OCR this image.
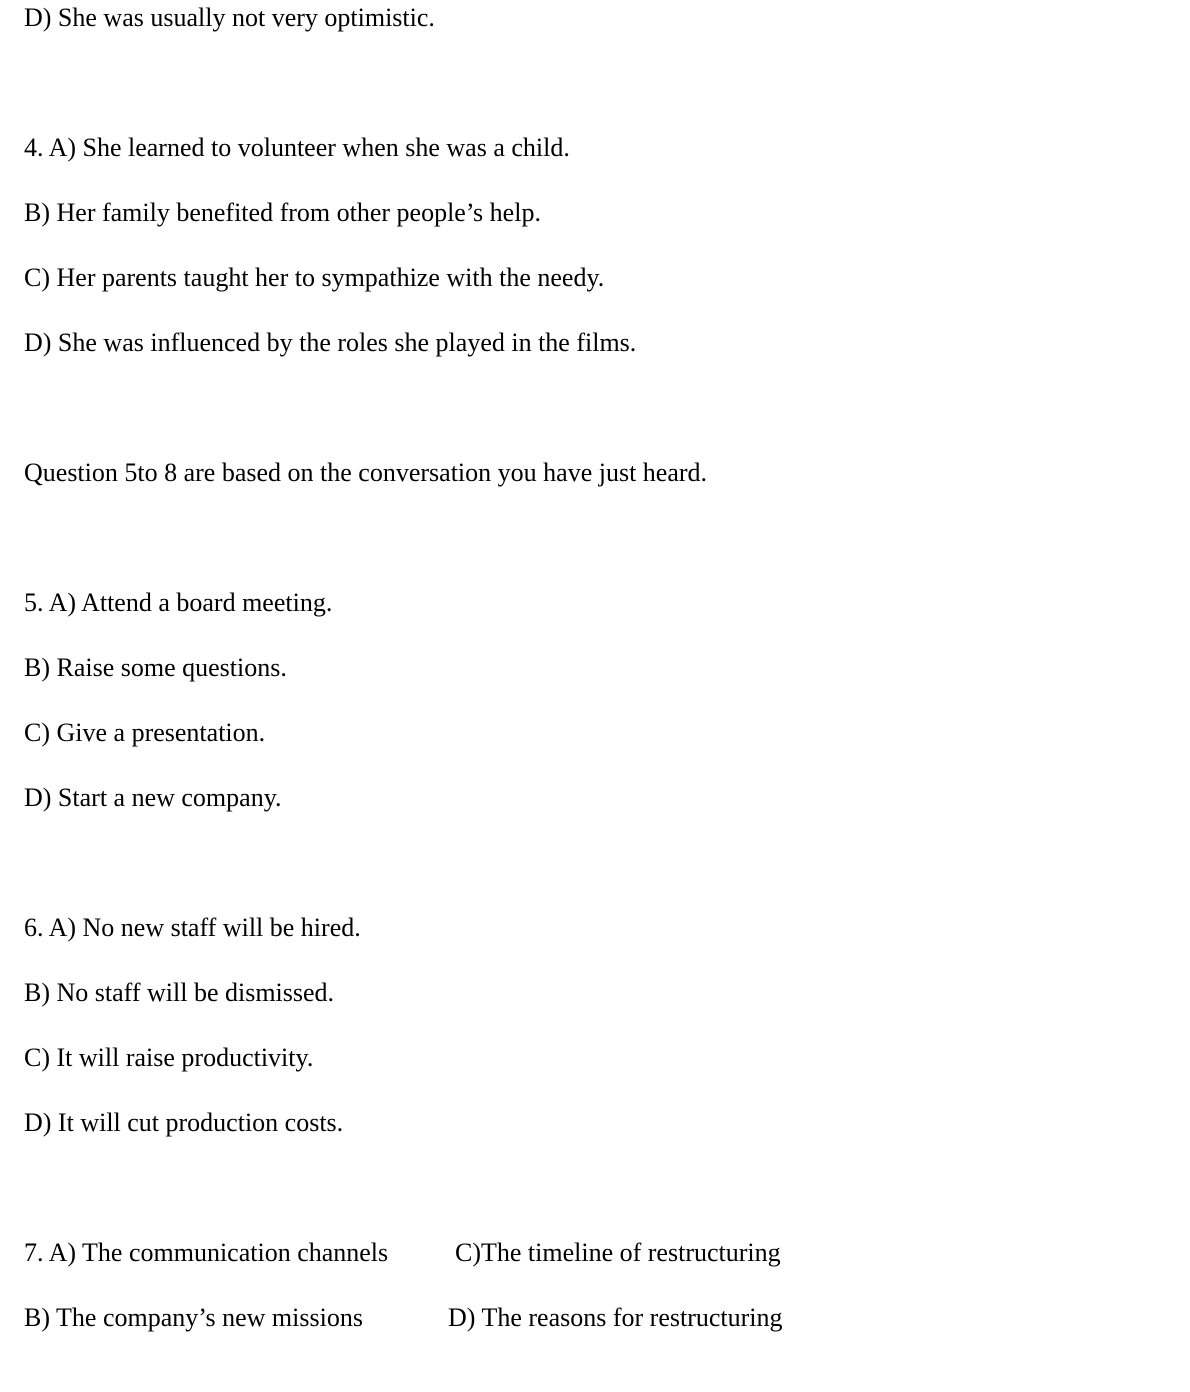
D) She was usually not very optimistic.
4. A) She learned to volunteer when she was a child.
B) Her family benefited from other people’s help.
C) Her parents taught her to sympathize with the needy.
D) She was influenced by the roles she played in the films.
Question 5to 8 are based on the conversation you have just heard.
5. A) Attend a board meeting.
B) Raise some questions.
C) Give a presentation.
D) Start a new company.
6. A) No new staff will be hired.
B) No staff will be dismissed.
C) It will raise productivity.
D) It will cut production costs.
7. A) The communication channels	C)The timeline of restructuring
B) The company’s new missions	D) The reasons for restructuring
